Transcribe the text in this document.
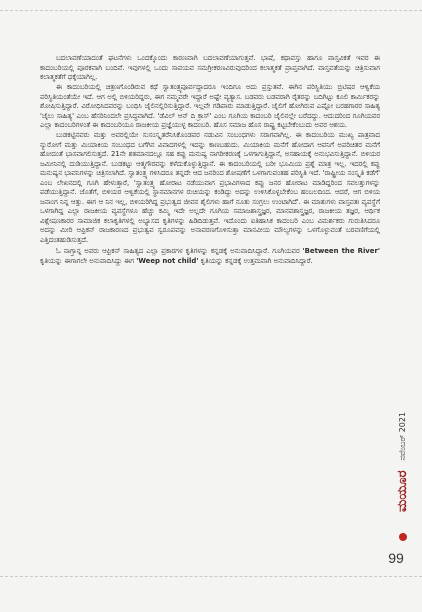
ಬದಲಾವಣೆಯಾದಂತೆ ಘಟನೆಗಳು ಒಂದಕ್ಕೊಂದು ಕಾರಣವಾಗಿ ಬದಲಾವಣೆಯಾಗುತ್ತವೆ. ಭಾಷೆ, ಕಥಾವಸ್ತು ಹಾಗೂ ವಾಸ್ತವಿಕತೆ ಇವರ ಈ ಕಾದಂಬರಿಯಲ್ಲಿ ಪೂರಕವಾಗಿ ಬಂದಿವೆ. ಇವುಗಳಲ್ಲಿ ಒಂದು ಸಾವಯವ ಸಮಗ್ರೀಕರಣವಿರುವುದರಿಂದ ಕಲಾತ್ಮಕತೆ ಪ್ರಾಪ್ತವಾಗಿದೆ. ವಾಸ್ತವತೆಯನ್ನು ಚಿತ್ರಿಸುವಾಗ ಕಲಾತ್ಮಕತೆಗೆ ಧಕ್ಕೆಯಾಗಿಲ್ಲ.

ಈ ಕಾದಂಬರಿಯಲ್ಲಿ ಚಿತ್ರಣಗೊಂಡಿರುವ ಕಥೆ ಸ್ವಾತಂತ್ರ್ಯಪೂರ್ವದ್ದಾದರೂ ಇಂದಿಗೂ ಅದು ಪ್ರಸ್ತುತವೆ. ಈಗಿನ ಪರಿಸ್ಥಿತಿಯು ಬ್ರಿಟಿಷರ ಆಳ್ವಿಕೆಯ ಪರಿಸ್ಥಿತಿಯಂತೆಯೇ ಇದೆ. ಆಗ ಅಲ್ಲಿ ಬಿಳಿಯರಿದ್ದರು, ಈಗ ನಮ್ಮವರೇ ಇದ್ದಾರೆ ಅಷ್ಟೇ ವ್ಯತ್ಯಾಸ. ಬಡವರು ಬಡವರಾಗಿ ರೈತರನ್ನು ಬದಿಗಿಟ್ಟು ಕೂಲಿ ಕಾರ್ಮಿಕರನ್ನು ಶೋಷಿಸುತ್ತಿದ್ದಾರೆ. ವಿರೋಧಿಸಿದವರನ್ನು ಬಂಧಿಸಿ ಜೈಲಿನಲ್ಲಿರಿಸುತ್ತಿದ್ದಾರೆ. ಇಲ್ಲವೇ ಗಡಿಪಾರು ಮಾಡುತ್ತಿದ್ದಾರೆ. ಜೈಲಿಗೆ ಹೋಗಿರುವ ಎಷ್ಟೋ ಬರಹಗಾರರ ಸಾಹಿತ್ಯ 'ಜೈಲು ಸಾಹಿತ್ಯ' ಎಂಬ ಹೆಸರಿನಿಂದಲೇ ಪ್ರಸಿದ್ಧವಾಗಿದೆ. 'ಡೆವಿಲ್ ಆನ್ ದಿ ಕ್ರಾಸ್' ಎಂಬ ಗೂಗಿಯ ಕಾದಂಬರಿ ಜೈಲಿನಲ್ಲೇ ಬರೆದದ್ದು. ಆದುದರಿಂದ ಗೂಗಿಯವರ ಎಲ್ಲಾ ಕಾದಂಬರಿಗಳಂತೆ ಈ ಕಾದಂಬರಿಯೂ ರಾಜಕೀಯ ಪ್ರಜ್ಞೆಯುಳ್ಳ ಕಾದಂಬರಿ. ಹೊಸ ಸಮಾಜ ಹೊಸ ರಾಷ್ಟ್ರ ಕಟ್ಟಬೇಕೆಂಬುದು ಅವರ ಆಶಯ.

ಬುಡಕಟ್ಟಿನವರು ಮತ್ತು ಅವರಲ್ಲಿಯೇ ಸುಸಂಸ್ಕೃತರೆನಿಸಿಕೊಂಡವರ ನಡುವಿನ ಸಂಬಂಧಗಳು ಸರಾಗವಾಗಿಲ್ಲ. ಈ ಕಾದಂಬರಿಯ ಮುಖ್ಯ ಪಾತ್ರವಾದ ನ್ಯುರೋಗೆ ಮತ್ತು ಮಿಯಾಕಿಯ ಸಂಬಂಧದ ಬಗೆಗಿನ ವಿವಾದಗಳಲ್ಲಿ ಇದನ್ನು ಕಾಣಬಹುದು. ಮಿಯಾಕಿಯ ಮನೆಗೆ ಹೋದಾಗ ಆವನಿಗೆ ಅಪರಿಚಿತರ ಮನೆಗೆ ಹೋದಂತೆ ಭಾಸವಾಗಲಿಸುತ್ತದೆ. 21ನೇ ಶತಮಾನದಲ್ಲೂ ಸಹ ಕಪ್ಪು ಮನುಷ್ಯ ನಾಗರೀಕರಣಕ್ಕೆ ಒಳಗಾಗುತ್ತಿದ್ದಾನೆ, ಅಸಹಾಯಕ್ಕೆ ಅನುಭವಿಸುತ್ತಿದ್ದಾನೆ. ಬಿಳಿಯರ ಜಮೀನಿನಲ್ಲಿ ದುಡಿಯುತ್ತಿದ್ದಾನೆ. ಬುಡಕಟ್ಟು ಆತ್ಮಗೌರವನ್ನು ಕಳೆದುಕೊಳ್ಳುತ್ತಿದ್ದಾನೆ. ಈ ಕಾದಂಬರಿಯಲ್ಲಿ ಬರೀ ಭೂಮಿಯ ಪ್ರಶ್ನೆ ಮಾತ್ರ ಇಲ್ಲ. ಇದರಲ್ಲಿ ಕಪ್ಪು ಮನುಷ್ಯನ ಭಾವನಿಗಳನ್ನು ಚಿತ್ರಿಸಲಾಗಿದೆ. ಸ್ವಾತಂತ್ರ್ಯ ಗಳಿಸಿದರೂ ತನ್ನದೇ ಆದ ಜನರಿಂದ ಶೋಷಣೆಗೆ ಒಳಗಾಗುವಂತಹ ಪರಿಸ್ಥಿತಿ ಇದೆ. 'ರಾಷ್ಟ್ರೀಯ ಸಂಸ್ಕೃತಿ ಕಡೆಗೆ' ಎಂಬ ಲೇಖನದಲ್ಲಿ ಗೂಗಿ ಹೇಳುತ್ತಾರೆ, 'ಸ್ವಾತಂತ್ರ್ಯ ಹೋರಾಟ ನಡೆಯುವಾಗ ಪ್ರಭಾವಿಗಳಾದ ಕಪ್ಪು ಜನರ ಹೋರಾಟ ಮಾಡಿದ್ದರಿಂದ ಸವಲತ್ತುಗಳನ್ನು ಪಡೆಯುತ್ತಿದ್ದಾನೆ. ಜೊತೆಗೆ, ಬಿಳಿಯರ ಆಳ್ವಿಕೆಯಲ್ಲಿ ಸ್ಥಾನಮಾನಗಳ ರುಚಿಯನ್ನು ಕಂಡಿದ್ದು ಅದನ್ನು ಉಳಿಸಿಕೊಳ್ಳಬೇಕೆಂಬ ಹಂಬಲದಿಂದ. ಆದರೆ, ಆಗ ಬಿಳಿಯ ಜನಾಂಗ ನಿನ್ನ ಆತ್ತು. ಈಗ ಆ ನಿನ ಇಲ್ಲ, ಬಿಳಿಯರಿಗಿದ್ದ ಪ್ರಭುತ್ವದ ಜೀವನ ಶೈಲಿಗಳು ಹಾಗೆ ನೂತು ಸಂಗ್ರಲು ಉಂಟಾಗಿದೆ'. ಈ ಮಾತುಗಳು ವಾಸ್ತವತಃ ವ್ಯವಸ್ಥೆಗೆ ಒಳಗಾಗಿದ್ದ ಎಲ್ಲಾ ರಾಜಕೀಯ ವ್ಯವಸ್ಥೆಗಳೂ ಹೆಚ್ಚು ಕಮ್ಮಿ ಇದೇ ಅಲ್ಲದೇ ಗೂಗಿಯ ಸಮಾಜಶಾಸ್ತ್ರಜ್ಞರ, ಮಾನವಶಾಸ್ತ್ರಜ್ಞರ, ರಾಜಕೀಯ ತಜ್ಞರ, ಆರ್ಥಿಕ ವಿಶ್ಲೇಷಣಕಾರರ ಸಾಮಾಜಿಕ ಕಲಾಕೃತಿಗಳಲ್ಲಿ ಅಭ್ಯಾಸದ ಕೃತಿಗಳನ್ನು ಹಿಡಿದಿಡುತ್ತವೆ. ಇದೊಂದು ಐತಿಹಾಸಿಕ ಕಾದಂಬರಿ ಎಂಬ ವಿಮರ್ಶಕರು ಗುರುತಿಸಿದರೂ ಅದನ್ನು ಮೀರಿ ಆಫ್ರಿಕನ್ ರಾಜಕಾರಣದ ಪ್ರಭುತ್ವವ ಸ್ವರೂಪವನ್ನು ಅನಾವರಣಗೊಳಿಸುತ್ತಾ ಮಾನವೀಯ ಮೌಲ್ಯಗಳನ್ನು ಒಳಗೊಳ್ಳುವಂತೆ ಬರವಣಿಗೆಯಲ್ಲಿ ಎತ್ತಿದಂತಹುಡಿಸುತ್ತದೆ.

ಓ ನಾಗ್ತಾನ್ನ ಅವರು ಆಫ್ರಿಕನ್ ಸಾಹಿತ್ಯದ ಎಲ್ಲಾ ಪ್ರಕಾರಗಳ ಕೃತಿಗಳನ್ನು ಕನ್ನಡಕ್ಕೆ ಅನುವಾದಿಸಿದ್ದಾರೆ. ಗೂಗಿಯವರ 'Between the River' ಕೃತಿಯನ್ನು ಈಗಾಗಲೇ ಅನುವಾದಿಸಿದ್ದು ಈಗ 'Weep not child' ಕೃತಿಯನ್ನು ಕನ್ನಡಕ್ಕೆ ಉತ್ತಮವಾಗಿ ಅನುವಾದಿಸಿದ್ದಾರೆ.

ಮಯೂರ
ನವೆಂಬರ್ 2021
99
